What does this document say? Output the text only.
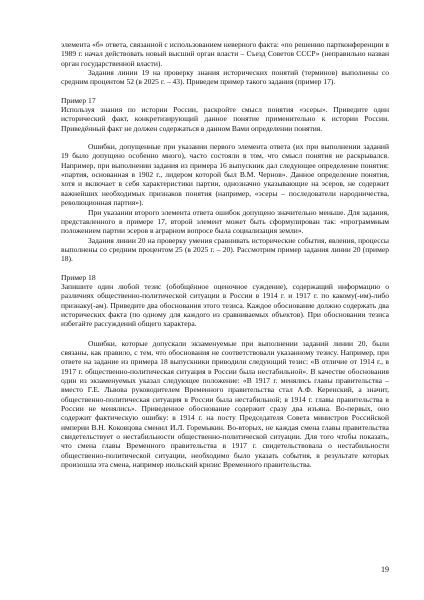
элемента «б» ответа, связанной с использованием неверного факта: «по решению партконференции в 1989 г. начал действовать новый высший орган власти – Съезд Советов СССР» (неправильно назван орган государственной власти).

Задания линии 19 на проверку знания исторических понятий (терминов) выполнены со средним процентом 52 (в 2025 г. – 43). Приведем пример такого задания (пример 17).

Пример 17

Используя знания по истории России, раскройте смысл понятия «эсеры». Приведите один исторический факт, конкретизирующий данное понятие применительно к истории России. Приведённый факт не должен содержаться в данном Вами определении понятия.

Ошибки, допущенные при указании первого элемента ответа (их при выполнении заданий 19 было допущено особенно много), часто состояли в том, что смысл понятия не раскрывался. Например, при выполнении задания из примера 16 выпускник дал следующее определение понятия: «партия, основанная в 1902 г., лидером которой был В.М. Чернов». Данное определение понятия, хотя и включает в себя характеристики партии, однозначно указывающие на эсеров, не содержит важнейших необходимых признаков понятия (например, «эсеры – последователи народничества, революционная партия»).

При указании второго элемента ответа ошибок допущено значительно меньше. Для задания, представленного в примере 17, второй элемент может быть сформулирован так: «программным положением партии эсеров в аграрном вопросе была социализация земли».

Задания линии 20 на проверку умения сравнивать исторические события, явления, процессы выполнены со средним процентом 25 (в 2025 г. – 20). Рассмотрим пример задания линии 20 (пример 18).

Пример 18

Запишите один любой тезис (обобщённое оценочное суждение), содержащий информацию о различиях общественно-политической ситуации в России в 1914 г. и 1917 г. по какому(-им)-либо признаку(-ам). Приведите два обоснования этого тезиса. Каждое обоснование должно содержать два исторических факта (по одному для каждого из сравниваемых объектов). При обосновании тезиса избегайте рассуждений общего характера.

Ошибки, которые допускали экзаменуемые при выполнении заданий линии 20, были связаны, как правило, с тем, что обоснования не соответствовали указанному тезису. Например, при ответе на задание из примера 18 выпускники приводили следующий тезис: «В отличие от 1914 г., в 1917 г. общественно-политическая ситуация в России была нестабильной». В качестве обоснования один из экзаменуемых указал следующее положение: «В 1917 г. менялись главы правительства – вместо Г.Е. Львова руководителем Временного правительства стал А.Ф. Керенский, а значит, общественно-политическая ситуация в России была нестабильной; в 1914 г. главы правительства в России не менялись». Приведенное обоснование содержит сразу два изъяна. Во-первых, оно содержит фактическую ошибку: в 1914 г. на посту Председателя Совета министров Российской империи В.Н. Коковцова сменил И.Л. Горемыкин. Во-вторых, не каждая смена главы правительства свидетельствует о нестабильности общественно-политической ситуации. Для того чтобы показать, что смена главы Временного правительства в 1917 г. свидетельствовала о нестабильности общественно-политической ситуации, необходимо было указать события, в результате которых произошла эта смена, например июльский кризис Временного правительства.

19
